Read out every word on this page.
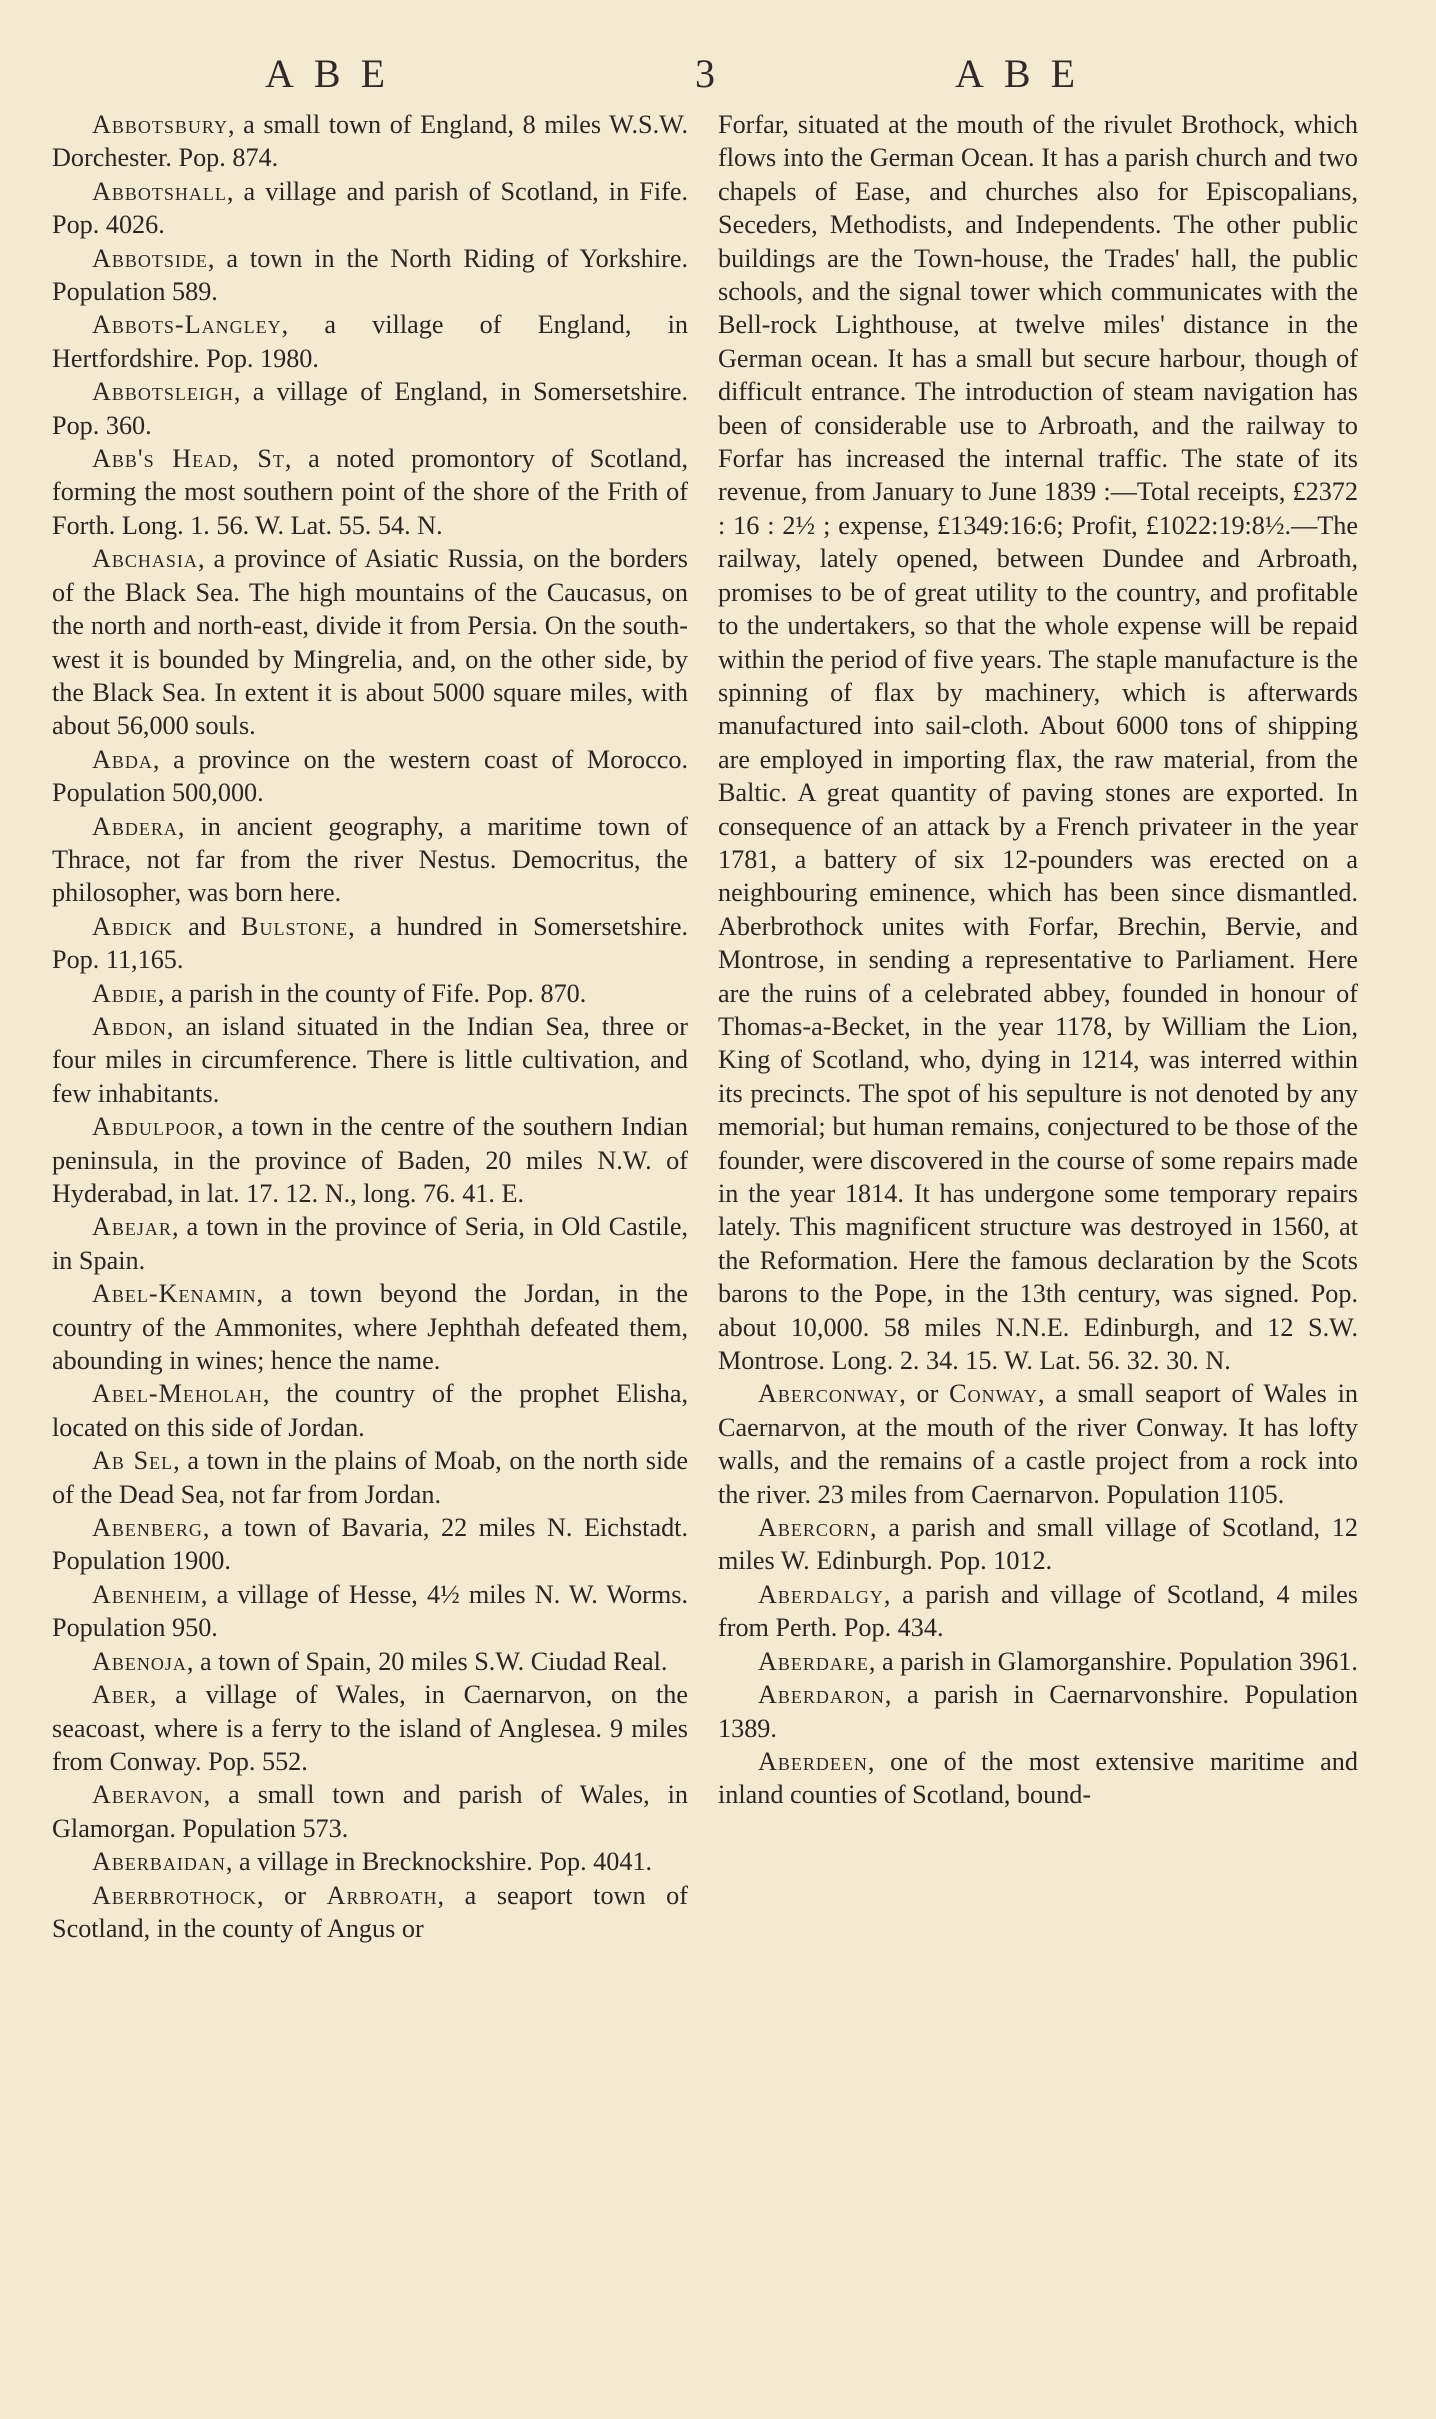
ABE	3	ABE

Abbotsbury, a small town of England, 8 miles W.S.W. Dorchester. Pop. 874.

Abbotshall, a village and parish of Scotland, in Fife. Pop. 4026.

Abbotside, a town in the North Riding of Yorkshire. Population 589.

Abbots-Langley, a village of England, in Hertfordshire. Pop. 1980.

Abbotsleigh, a village of England, in Somersetshire. Pop. 360.

Abb's Head, St, a noted promontory of Scotland, forming the most southern point of the shore of the Frith of Forth. Long. 1. 56. W. Lat. 55. 54. N.

Abchasia, a province of Asiatic Russia, on the borders of the Black Sea. The high mountains of the Caucasus, on the north and north-east, divide it from Persia. On the south-west it is bounded by Mingrelia, and, on the other side, by the Black Sea. In extent it is about 5000 square miles, with about 56,000 souls.

Abda, a province on the western coast of Morocco. Population 500,000.

Abdera, in ancient geography, a maritime town of Thrace, not far from the river Nestus. Democritus, the philosopher, was born here.

Abdick and Bulstone, a hundred in Somersetshire. Pop. 11,165.

Abdie, a parish in the county of Fife. Pop. 870.

Abdon, an island situated in the Indian Sea, three or four miles in circumference. There is little cultivation, and few inhabitants.

Abdulpoor, a town in the centre of the southern Indian peninsula, in the province of Baden, 20 miles N.W. of Hyderabad, in lat. 17. 12. N., long. 76. 41. E.

Abejar, a town in the province of Seria, in Old Castile, in Spain.

Abel-Kenamin, a town beyond the Jordan, in the country of the Ammonites, where Jephthah defeated them, abounding in wines; hence the name.

Abel-Meholah, the country of the prophet Elisha, located on this side of Jordan.

Ab Sel, a town in the plains of Moab, on the north side of the Dead Sea, not far from Jordan.

Abenberg, a town of Bavaria, 22 miles N. Eichstadt. Population 1900.

Abenheim, a village of Hesse, 4½ miles N. W. Worms. Population 950.

Abenoja, a town of Spain, 20 miles S.W. Ciudad Real.

Aber, a village of Wales, in Caernarvon, on the seacoast, where is a ferry to the island of Anglesea. 9 miles from Conway. Pop. 552.

Aberavon, a small town and parish of Wales, in Glamorgan. Population 573.

Aberbaidan, a village in Brecknockshire. Pop. 4041.

Aberbrothock, or Arbroath, a seaport town of Scotland, in the county of Angus or

Forfar, situated at the mouth of the rivulet Brothock, which flows into the German Ocean. It has a parish church and two chapels of Ease, and churches also for Episcopalians, Seceders, Methodists, and Independents. The other public buildings are the Town-house, the Trades' hall, the public schools, and the signal tower which communicates with the Bell-rock Lighthouse, at twelve miles' distance in the German ocean. It has a small but secure harbour, though of difficult entrance. The introduction of steam navigation has been of considerable use to Arbroath, and the railway to Forfar has increased the internal traffic. The state of its revenue, from January to June 1839 :—Total receipts, £2372 : 16 : 2½ ; expense, £1349:16:6; Profit, £1022:19:8½.—The railway, lately opened, between Dundee and Arbroath, promises to be of great utility to the country, and profitable to the undertakers, so that the whole expense will be repaid within the period of five years. The staple manufacture is the spinning of flax by machinery, which is afterwards manufactured into sail-cloth. About 6000 tons of shipping are employed in importing flax, the raw material, from the Baltic. A great quantity of paving stones are exported. In consequence of an attack by a French privateer in the year 1781, a battery of six 12-pounders was erected on a neighbouring eminence, which has been since dismantled. Aberbrothock unites with Forfar, Brechin, Bervie, and Montrose, in sending a representative to Parliament. Here are the ruins of a celebrated abbey, founded in honour of Thomas-a-Becket, in the year 1178, by William the Lion, King of Scotland, who, dying in 1214, was interred within its precincts. The spot of his sepulture is not denoted by any memorial; but human remains, conjectured to be those of the founder, were discovered in the course of some repairs made in the year 1814. It has undergone some temporary repairs lately. This magnificent structure was destroyed in 1560, at the Reformation. Here the famous declaration by the Scots barons to the Pope, in the 13th century, was signed. Pop. about 10,000. 58 miles N.N.E. Edinburgh, and 12 S.W. Montrose. Long. 2. 34. 15. W. Lat. 56. 32. 30. N.

Aberconway, or Conway, a small seaport of Wales in Caernarvon, at the mouth of the river Conway. It has lofty walls, and the remains of a castle project from a rock into the river. 23 miles from Caernarvon. Population 1105.

Abercorn, a parish and small village of Scotland, 12 miles W. Edinburgh. Pop. 1012.

Aberdalgy, a parish and village of Scotland, 4 miles from Perth. Pop. 434.

Aberdare, a parish in Glamorganshire. Population 3961.

Aberdaron, a parish in Caernarvonshire. Population 1389.

Aberdeen, one of the most extensive maritime and inland counties of Scotland, bound-
